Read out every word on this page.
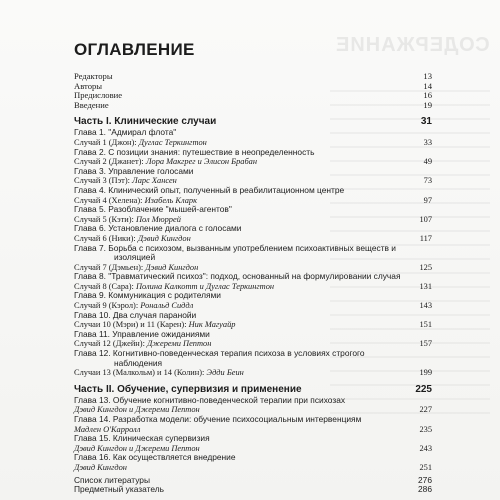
СОДЕРЖАНИЕ
ОГЛАВЛЕНИЕ
Редакторы	13
Авторы	14
Предисловие	16
Введение	19
Часть I. Клинические случаи	31
Глава 1. "Адмирал флота"
Случай 1 (Джон): Дуглас Теркингтон	33
Глава 2. С позиции знания: путешествие в неопределенность
Случай 2 (Джанет): Лора Макгрег и Элисон Брабан	49
Глава 3. Управление голосами
Случай 3 (Пэт): Ларс Хансен	73
Глава 4. Клинический опыт, полученный в реабилитационном центре
Случай 4 (Хелена): Изабель Кларк	97
Глава 5. Разоблачение "мышей-агентов"
Случай 5 (Кэти): Пол Мюррей	107
Глава 6. Установление диалога с голосами
Случай 6 (Ники): Дэвид Кингдон	117
Глава 7. Борьба с психозом, вызванным употреблением психоактивных веществ и изоляцией
Случай 7 (Дэмьен): Дэвид Кингдон	125
Глава 8. "Травматический психоз": подход, основанный на формулировании случая
Случай 8 (Сара): Полина Калкотт и Дуглас Теркингтон	131
Глава 9. Коммуникация с родителями
Случай 9 (Кэрол): Рональд Сиддл	143
Глава 10. Два случая паранойи
Случаи 10 (Мэри) и 11 (Карен): Ник Магуайр	151
Глава 11. Управление ожиданиями
Случай 12 (Джейн): Джереми Пептон	157
Глава 12. Когнитивно-поведенческая терапия психоза в условиях строгого наблюдения
Случаи 13 (Малкольм) и 14 (Колин): Эдди Беин	199
Часть II. Обучение, супервизия и применение	225
Глава 13. Обучение когнитивно-поведенческой терапии при психозах
Дэвид Кингдон и Джереми Пептон	227
Глава 14. Разработка модели: обучение психосоциальным интервенциям
Мадлен О'Карролл	235
Глава 15. Клиническая супервизия
Дэвид Кингдон и Джереми Пептон	243
Глава 16. Как осуществляется внедрение
Дэвид Кингдон	251
Список литературы	276
Предметный указатель	286
